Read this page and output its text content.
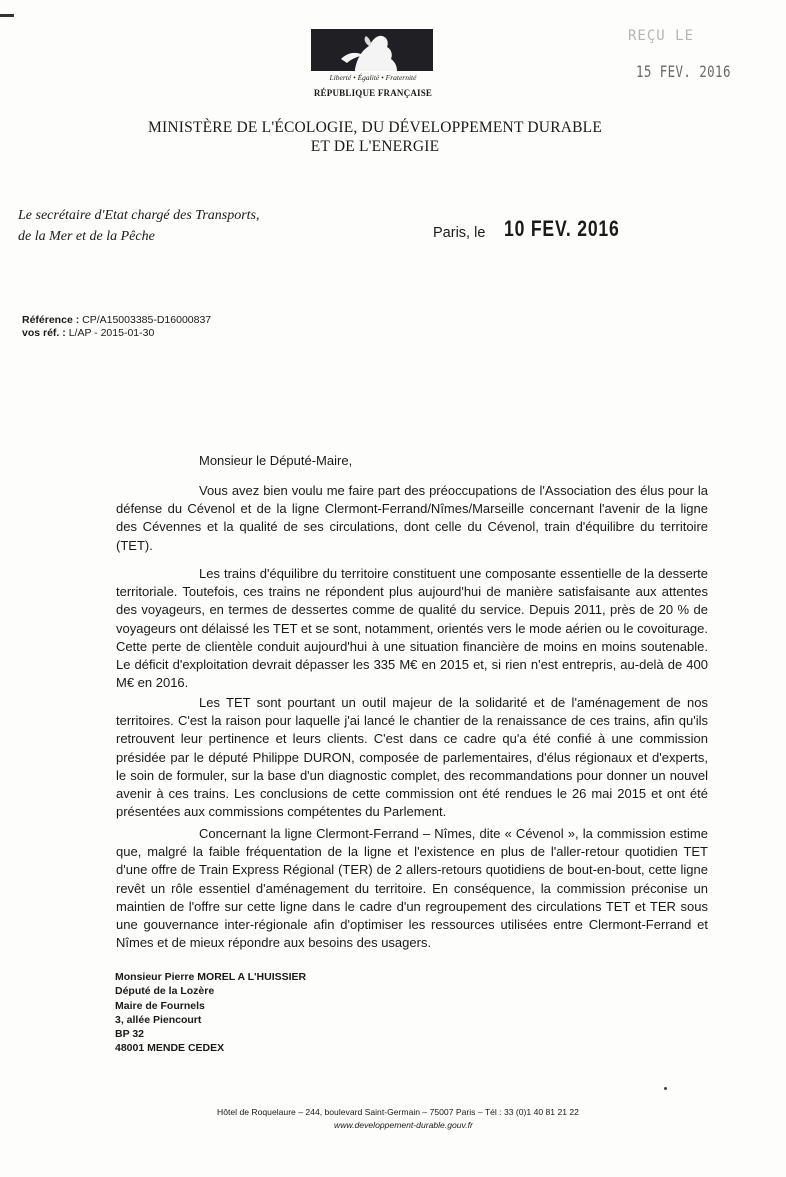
Liberté • Égalité • Fraternité
RÉPUBLIQUE FRANÇAISE
REÇU LE
15 FEV. 2016
MINISTÈRE DE L'ÉCOLOGIE, DU DÉVELOPPEMENT DURABLE
ET DE L'ENERGIE
Le secrétaire d'Etat chargé des Transports,
de la Mer et de la Pêche	Paris, le 10 FEV. 2016
Référence : CP/A15003385-D16000837
vos réf. : L/AP - 2015-01-30
Monsieur le Député-Maire,
Vous avez bien voulu me faire part des préoccupations de l'Association des élus pour la défense du Cévenol et de la ligne Clermont-Ferrand/Nîmes/Marseille concernant l'avenir de la ligne des Cévennes et la qualité de ses circulations, dont celle du Cévenol, train d'équilibre du territoire (TET).
Les trains d'équilibre du territoire constituent une composante essentielle de la desserte territoriale. Toutefois, ces trains ne répondent plus aujourd'hui de manière satisfaisante aux attentes des voyageurs, en termes de dessertes comme de qualité du service. Depuis 2011, près de 20 % de voyageurs ont délaissé les TET et se sont, notamment, orientés vers le mode aérien ou le covoiturage. Cette perte de clientèle conduit aujourd'hui à une situation financière de moins en moins soutenable. Le déficit d'exploitation devrait dépasser les 335 M€ en 2015 et, si rien n'est entrepris, au-delà de 400 M€ en 2016.
Les TET sont pourtant un outil majeur de la solidarité et de l'aménagement de nos territoires. C'est la raison pour laquelle j'ai lancé le chantier de la renaissance de ces trains, afin qu'ils retrouvent leur pertinence et leurs clients. C'est dans ce cadre qu'a été confié à une commission présidée par le député Philippe DURON, composée de parlementaires, d'élus régionaux et d'experts, le soin de formuler, sur la base d'un diagnostic complet, des recommandations pour donner un nouvel avenir à ces trains. Les conclusions de cette commission ont été rendues le 26 mai 2015 et ont été présentées aux commissions compétentes du Parlement.
Concernant la ligne Clermont-Ferrand – Nîmes, dite « Cévenol », la commission estime que, malgré la faible fréquentation de la ligne et l'existence en plus de l'aller-retour quotidien TET d'une offre de Train Express Régional (TER) de 2 allers-retours quotidiens de bout-en-bout, cette ligne revêt un rôle essentiel d'aménagement du territoire. En conséquence, la commission préconise un maintien de l'offre sur cette ligne dans le cadre d'un regroupement des circulations TET et TER sous une gouvernance inter-régionale afin d'optimiser les ressources utilisées entre Clermont-Ferrand et Nîmes et de mieux répondre aux besoins des usagers.
Monsieur Pierre MOREL A L'HUISSIER
Député de la Lozère
Maire de Fournels
3, allée Piencourt
BP 32
48001 MENDE CEDEX
Hôtel de Roquelaure – 244, boulevard Saint-Germain – 75007 Paris – Tél : 33 (0)1 40 81 21 22
www.developpement-durable.gouv.fr
